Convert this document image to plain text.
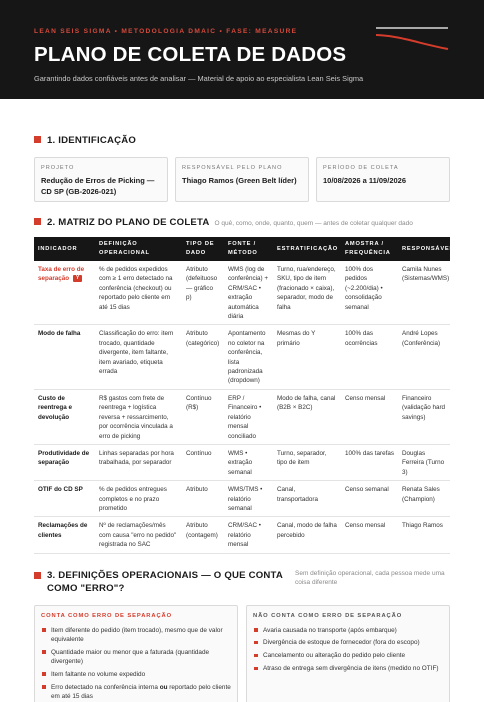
LEAN SEIS SIGMA • METODOLOGIA DMAIC • FASE: MEASURE
PLANO DE COLETA DE DADOS
Garantindo dados confiáveis antes de analisar — Material de apoio ao especialista Lean Seis Sigma
1. IDENTIFICAÇÃO
PROJETO
Redução de Erros de Picking — CD SP (GB-2026-021)
RESPONSÁVEL PELO PLANO
Thiago Ramos (Green Belt líder)
PERÍODO DE COLETA
10/08/2026 a 11/09/2026
2. MATRIZ DO PLANO DE COLETA O quê, como, onde, quanto, quem — antes de coletar qualquer dado
INDICADOR	DEFINIÇÃO OPERACIONAL	TIPO DE DADO	FONTE / MÉTODO	ESTRATIFICAÇÃO	AMOSTRA / FREQUÊNCIA	RESPONSÁVEL
Taxa de erro de separação Y	% de pedidos expedidos com ≥ 1 erro detectado na conferência (checkout) ou reportado pelo cliente em até 15 dias	Atributo (defeituoso — gráfico p)	WMS (log de conferência) + CRM/SAC • extração automática diária	Turno, rua/endereço, SKU, tipo de item (fracionado × caixa), separador, modo de falha	100% dos pedidos (~2.200/dia) • consolidação semanal	Camila Nunes (Sistemas/WMS)
Modo de falha	Classificação do erro: item trocado, quantidade divergente, item faltante, item avariado, etiqueta errada	Atributo (categórico)	Apontamento no coletor na conferência, lista padronizada (dropdown)	Mesmas do Y primário	100% das ocorrências	André Lopes (Conferência)
Custo de reentrega e devolução	R$ gastos com frete de reentrega + logística reversa + ressarcimento, por ocorrência vinculada a erro de picking	Contínuo (R$)	ERP / Financeiro • relatório mensal conciliado	Modo de falha, canal (B2B × B2C)	Censo mensal	Financeiro (validação hard savings)
Produtividade de separação	Linhas separadas por hora trabalhada, por separador	Contínuo	WMS • extração semanal	Turno, separador, tipo de item	100% das tarefas	Douglas Ferreira (Turno 3)
OTIF do CD SP	% de pedidos entregues completos e no prazo prometido	Atributo	WMS/TMS • relatório semanal	Canal, transportadora	Censo semanal	Renata Sales (Champion)
Reclamações de clientes	Nº de reclamações/mês com causa "erro no pedido" registrada no SAC	Atributo (contagem)	CRM/SAC • relatório mensal	Canal, modo de falha percebido	Censo mensal	Thiago Ramos
3. DEFINIÇÕES OPERACIONAIS — O QUE CONTA COMO "ERRO"?
Sem definição operacional, cada pessoa mede uma coisa diferente
CONTA COMO ERRO DE SEPARAÇÃO
Item diferente do pedido (item trocado), mesmo que de valor equivalente
Quantidade maior ou menor que a faturada (quantidade divergente)
Item faltante no volume expedido
Erro detectado na conferência interna ou reportado pelo cliente em até 15 dias
NÃO CONTA COMO ERRO DE SEPARAÇÃO
Avaria causada no transporte (após embarque)
Divergência de estoque de fornecedor (fora do escopo)
Cancelamento ou alteração do pedido pelo cliente
Atraso de entrega sem divergência de itens (medido no OTIF)
